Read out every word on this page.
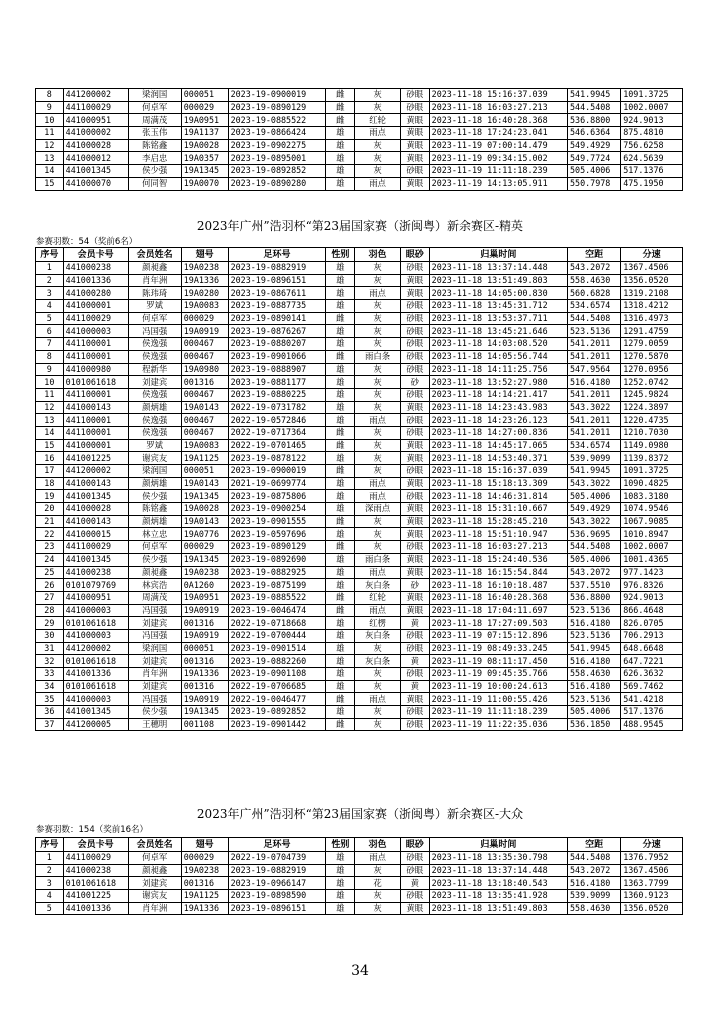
8	441200002	梁润国	000051	2023-19-0900019	雌	灰	砂眼	2023-11-18 15:16:37.039	541.9945	1091.3725
9	441100029	何卓军	000029	2023-19-0890129	雌	灰	砂眼	2023-11-18 16:03:27.213	544.5408	1002.0007
10	441000951	周满茂	19A0951	2023-19-0885522	雌	红轮	黄眼	2023-11-18 16:40:28.368	536.8800	924.9013
11	441000002	张玉伟	19A1137	2023-19-0866424	雄	雨点	黄眼	2023-11-18 17:24:23.041	546.6364	875.4810
12	441000028	陈铭鑫	19A0028	2023-19-0902275	雄	灰	黄眼	2023-11-19 07:00:14.479	549.4929	756.6258
13	441000012	李启忠	19A0357	2023-19-0895001	雄	灰	黄眼	2023-11-19 09:34:15.002	549.7724	624.5639
14	441001345	侯少强	19A1345	2023-19-0892852	雄	灰	砂眼	2023-11-19 11:11:18.239	505.4006	517.1376
15	441000070	何同智	19A0070	2023-19-0890280	雄	雨点	黄眼	2023-11-19 14:13:05.911	550.7978	475.1950
2023年广州”浩羽杯“第23届国家赛（浙闽粤）新余赛区-精英
参赛羽数：54（奖前6名）
序号	会员卡号	会员姓名	翅号	足环号	性别	羽色	眼砂	归巢时间	空距	分速
1	441000238	颜昶鑫	19A0238	2023-19-0882919	雄	灰	砂眼	2023-11-18 13:37:14.448	543.2072	1367.4506
2	441001336	肖年洲	19A1336	2023-19-0896151	雄	灰	黄眼	2023-11-18 13:51:49.803	558.4630	1356.0520
3	441000280	陈玮琦	19A0280	2023-19-0867611	雄	雨点	黄眼	2023-11-18 14:05:00.830	560.6828	1319.2108
4	441000001	罗斌	19A0083	2023-19-0887735	雄	灰	砂眼	2023-11-18 13:45:31.712	534.6574	1318.4212
5	441100029	何卓军	000029	2023-19-0890141	雌	灰	砂眼	2023-11-18 13:53:37.711	544.5408	1316.4973
6	441000003	冯国强	19A0919	2023-19-0876267	雄	灰	砂眼	2023-11-18 13:45:21.646	523.5136	1291.4759
7	441100001	侯逸强	000467	2023-19-0880207	雄	灰	砂眼	2023-11-18 14:03:08.520	541.2011	1279.0059
8	441100001	侯逸强	000467	2023-19-0901066	雌	雨白条	砂眼	2023-11-18 14:05:56.744	541.2011	1270.5870
9	441000980	程新华	19A0980	2023-19-0888907	雄	灰	砂眼	2023-11-18 14:11:25.756	547.9564	1270.0956
10	0101061618	刘建宾	001316	2023-19-0881177	雄	灰	砂	2023-11-18 13:52:27.980	516.4180	1252.0742
11	441100001	侯逸强	000467	2023-19-0880225	雄	灰	砂眼	2023-11-18 14:14:21.417	541.2011	1245.9824
12	441000143	颜炳雄	19A0143	2022-19-0731782	雄	灰	黄眼	2023-11-18 14:23:43.983	543.3022	1224.3897
13	441100001	侯逸强	000467	2022-19-0572846	雄	雨点	砂眼	2023-11-18 14:23:26.123	541.2011	1220.4735
14	441100001	侯逸强	000467	2022-19-0717364	雌	灰	砂眼	2023-11-18 14:27:00.836	541.2011	1210.7030
15	441000001	罗斌	19A0083	2022-19-0701465	雌	灰	黄眼	2023-11-18 14:45:17.065	534.6574	1149.0980
16	441001225	谢宾友	19A1125	2023-19-0878122	雄	灰	黄眼	2023-11-18 14:53:40.371	539.9099	1139.8372
17	441200002	梁润国	000051	2023-19-0900019	雌	灰	砂眼	2023-11-18 15:16:37.039	541.9945	1091.3725
18	441000143	颜炳雄	19A0143	2021-19-0699774	雄	雨点	黄眼	2023-11-18 15:18:13.309	543.3022	1090.4825
19	441001345	侯少强	19A1345	2023-19-0875806	雄	雨点	砂眼	2023-11-18 14:46:31.814	505.4006	1083.3180
20	441000028	陈铭鑫	19A0028	2023-19-0900254	雄	深雨点	黄眼	2023-11-18 15:31:10.667	549.4929	1074.9546
21	441000143	颜炳雄	19A0143	2023-19-0901555	雌	灰	黄眼	2023-11-18 15:28:45.210	543.3022	1067.9085
22	441000015	林立忠	19A0776	2023-19-0597696	雄	灰	黄眼	2023-11-18 15:51:10.947	536.9695	1010.8947
23	441100029	何卓军	000029	2023-19-0890129	雌	灰	砂眼	2023-11-18 16:03:27.213	544.5408	1002.0007
24	441001345	侯少强	19A1345	2023-19-0892690	雄	雨白条	黄眼	2023-11-18 15:24:40.536	505.4006	1001.4365
25	441000238	颜昶鑫	19A0238	2023-19-0882925	雄	雨点	黄眼	2023-11-18 16:15:54.844	543.2072	977.1423
26	0101079769	林宾浩	0A1260	2023-19-0875199	雄	灰白条	砂	2023-11-18 16:10:18.487	537.5510	976.8326
27	441000951	周满茂	19A0951	2023-19-0885522	雌	红轮	黄眼	2023-11-18 16:40:28.368	536.8800	924.9013
28	441000003	冯国强	19A0919	2023-19-0046474	雌	雨点	黄眼	2023-11-18 17:04:11.697	523.5136	866.4648
29	0101061618	刘建宾	001316	2022-19-0718668	雄	红楞	黄	2023-11-18 17:27:09.503	516.4180	826.0705
30	441000003	冯国强	19A0919	2022-19-0700444	雄	灰白条	砂眼	2023-11-19 07:15:12.896	523.5136	706.2913
31	441200002	梁润国	000051	2023-19-0901514	雄	灰	砂眼	2023-11-19 08:49:33.245	541.9945	648.6648
32	0101061618	刘建宾	001316	2023-19-0882260	雄	灰白条	黄	2023-11-19 08:11:17.450	516.4180	647.7221
33	441001336	肖年洲	19A1336	2023-19-0901108	雄	灰	砂眼	2023-11-19 09:45:35.766	558.4630	626.3632
34	0101061618	刘建宾	001316	2022-19-0706685	雄	灰	黄	2023-11-19 10:00:24.613	516.4180	569.7462
35	441000003	冯国强	19A0919	2022-19-0046477	雌	雨点	黄眼	2023-11-19 11:00:55.426	523.5136	541.4218
36	441001345	侯少强	19A1345	2023-19-0892852	雄	灰	砂眼	2023-11-19 11:11:18.239	505.4006	517.1376
37	441200005	王穗明	001108	2023-19-0901442	雌	灰	砂眼	2023-11-19 11:22:35.036	536.1850	488.9545
2023年广州”浩羽杯“第23届国家赛（浙闽粤）新余赛区-大众
参赛羽数：154（奖前16名）
序号	会员卡号	会员姓名	翅号	足环号	性别	羽色	眼砂	归巢时间	空距	分速
1	441100029	何卓军	000029	2022-19-0704739	雄	雨点	砂眼	2023-11-18 13:35:30.798	544.5408	1376.7952
2	441000238	颜昶鑫	19A0238	2023-19-0882919	雄	灰	砂眼	2023-11-18 13:37:14.448	543.2072	1367.4506
3	0101061618	刘建宾	001316	2023-19-0966147	雄	花	黄	2023-11-18 13:18:40.543	516.4180	1363.7799
4	441001225	谢宾友	19A1125	2023-19-0898590	雄	灰	砂眼	2023-11-18 13:35:41.928	539.9099	1360.9123
5	441001336	肖年洲	19A1336	2023-19-0896151	雄	灰	黄眼	2023-11-18 13:51:49.803	558.4630	1356.0520
34
